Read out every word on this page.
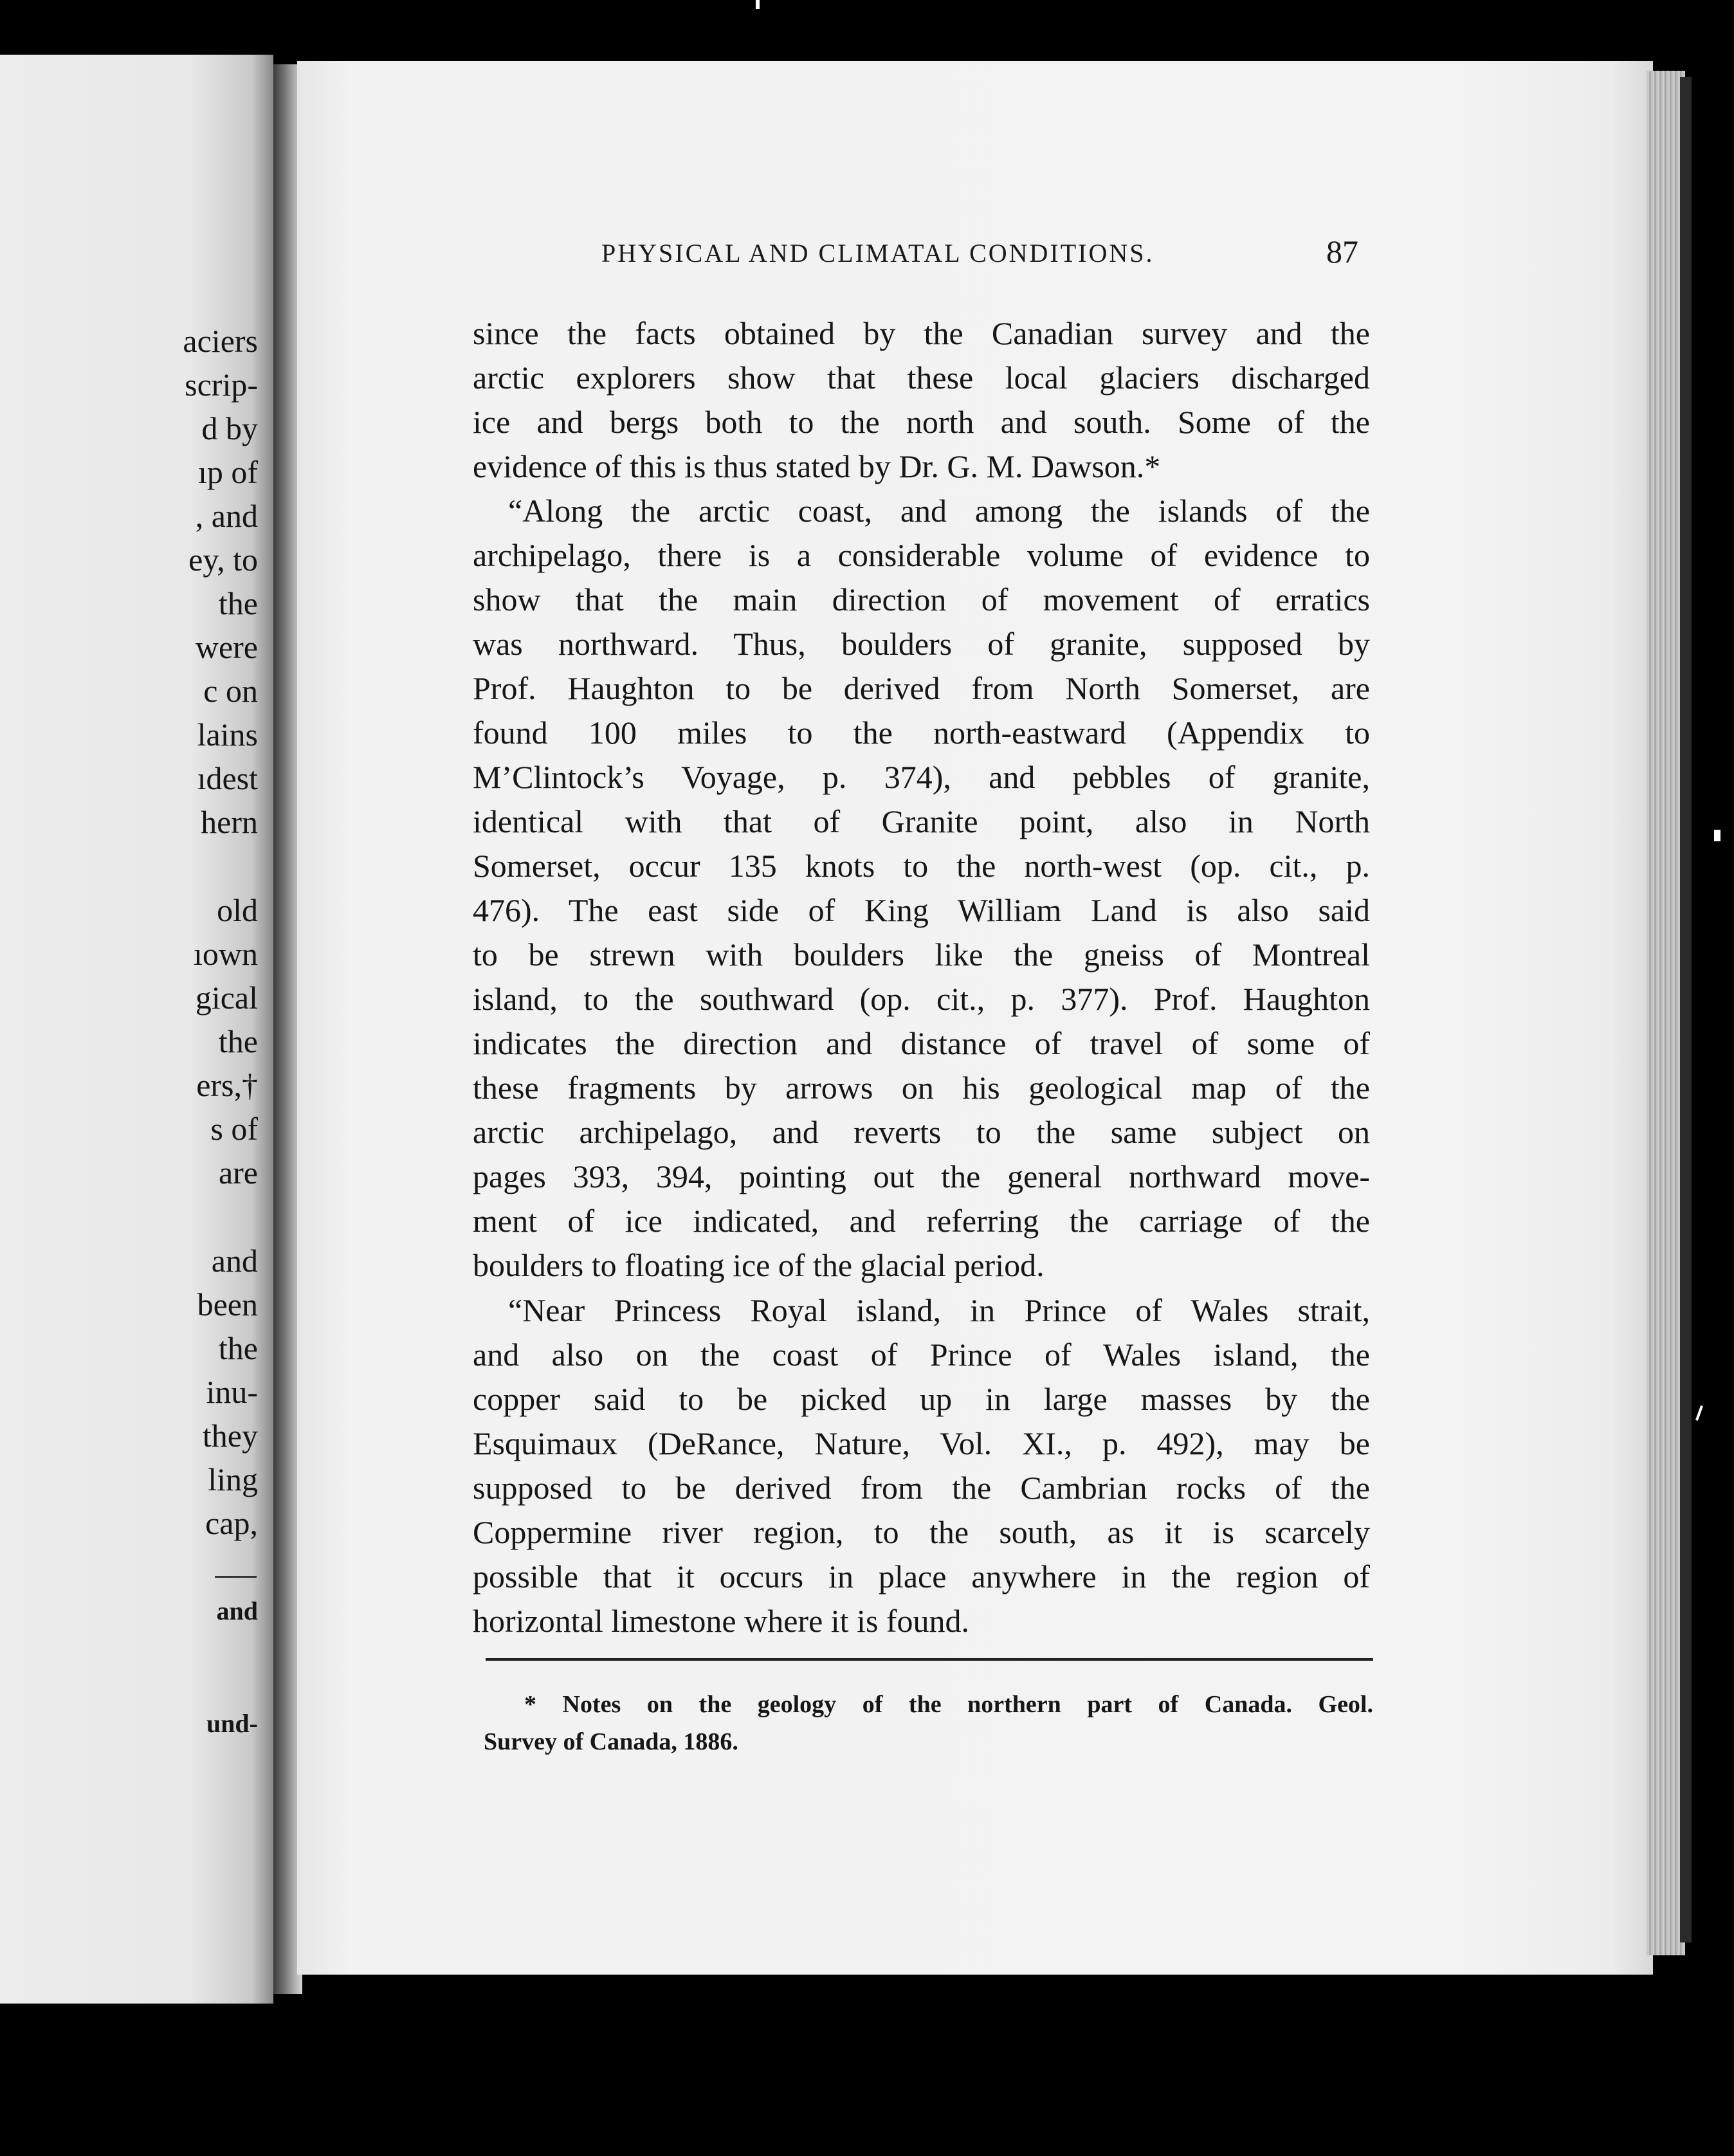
aciers

scrip-

d by

ıp of

, and

ey, to

the

were

c on

lains

ıdest

hern

old

ıown

gical

the

ers,†

s of

are

and

been

the

inu-

they

ling

cap,

and

und-

PHYSICAL AND CLIMATAL CONDITIONS.	87

since the facts obtained by the Canadian survey and the

arctic explorers show that these local glaciers discharged

ice and bergs both to the north and south. Some of the

evidence of this is thus stated by Dr. G. M. Dawson.*

“Along the arctic coast, and among the islands of the

archipelago, there is a considerable volume of evidence to

show that the main direction of movement of erratics

was northward. Thus, boulders of granite, supposed by

Prof. Haughton to be derived from North Somerset, are

found 100 miles to the north-eastward (Appendix to

M’Clintock’s Voyage, p. 374), and pebbles of granite,

identical with that of Granite point, also in North

Somerset, occur 135 knots to the north-west (op. cit., p.

476). The east side of King William Land is also said

to be strewn with boulders like the gneiss of Montreal

island, to the southward (op. cit., p. 377). Prof. Haughton

indicates the direction and distance of travel of some of

these fragments by arrows on his geological map of the

arctic archipelago, and reverts to the same subject on

pages 393, 394, pointing out the general northward move-

ment of ice indicated, and referring the carriage of the

boulders to floating ice of the glacial period.

“Near Princess Royal island, in Prince of Wales strait,

and also on the coast of Prince of Wales island, the

copper said to be picked up in large masses by the

Esquimaux (DeRance, Nature, Vol. XI., p. 492), may be

supposed to be derived from the Cambrian rocks of the

Coppermine river region, to the south, as it is scarcely

possible that it occurs in place anywhere in the region of

horizontal limestone where it is found.

* Notes on the geology of the northern part of Canada. Geol.

Survey of Canada, 1886.
